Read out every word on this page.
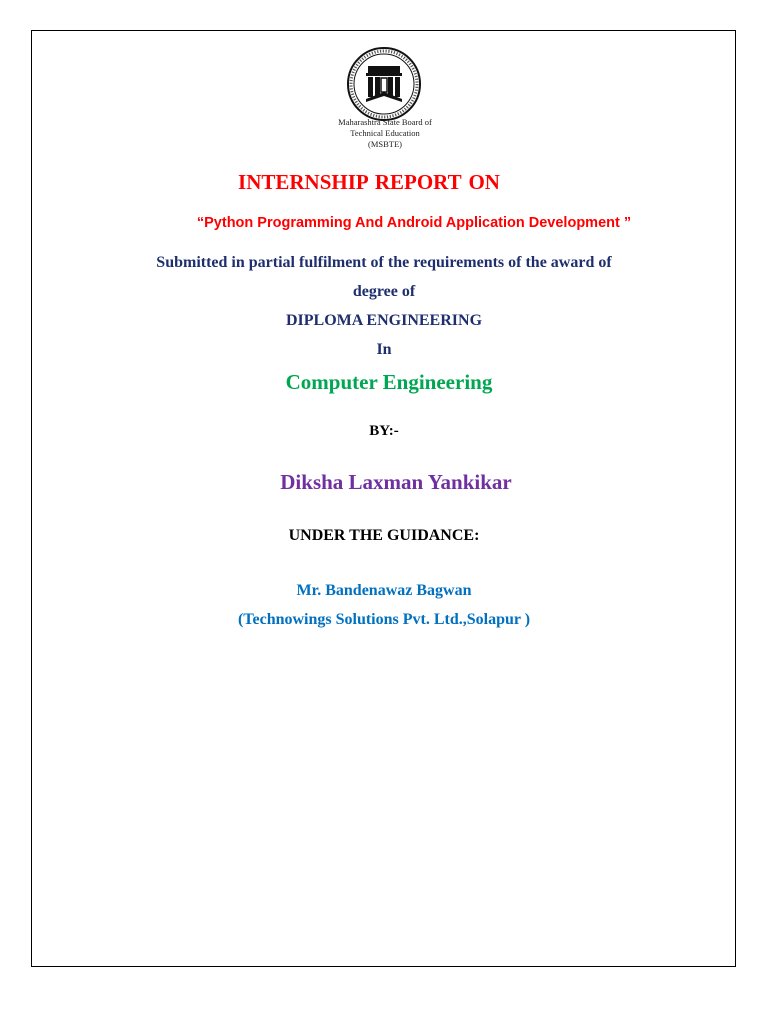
Maharashtra State Board of
Technical Education
(MSBTE)
INTERNSHIP REPORT ON
“Python Programming And Android Application Development ”
Submitted in partial fulfilment of the requirements of the award of
degree of
DIPLOMA ENGINEERING
In
Computer Engineering
BY:-
Diksha Laxman Yankikar
UNDER THE GUIDANCE:
Mr. Bandenawaz Bagwan
(Technowings Solutions Pvt. Ltd.,Solapur )
